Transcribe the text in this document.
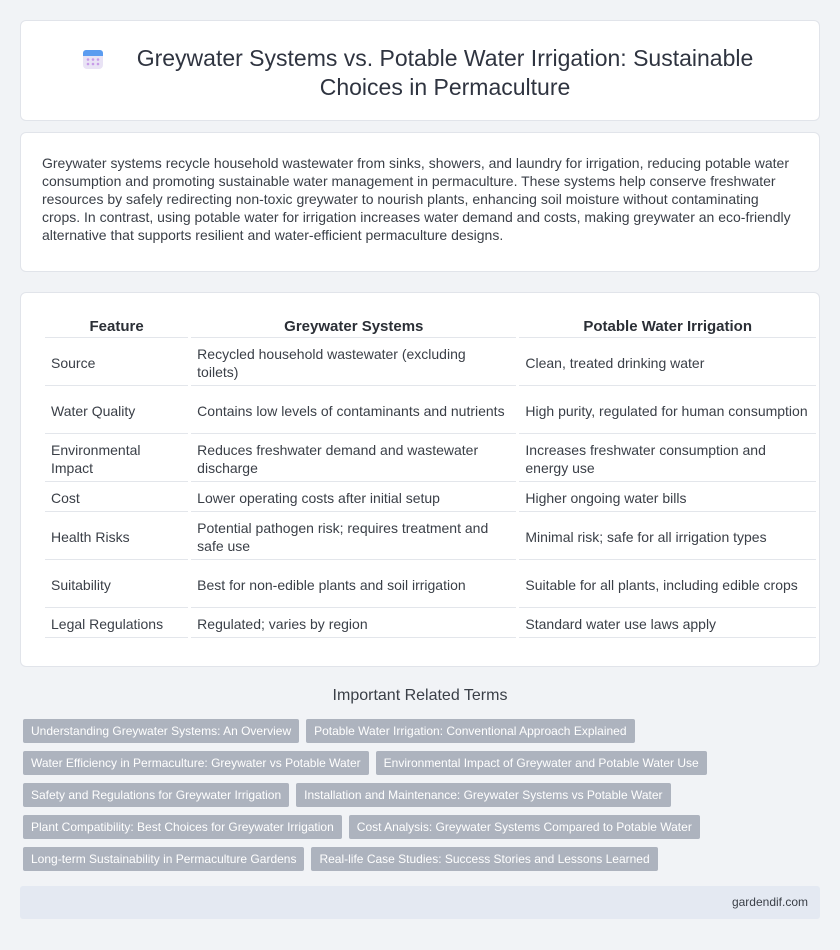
Greywater Systems vs. Potable Water Irrigation: Sustainable Choices in Permaculture

Greywater systems recycle household wastewater from sinks, showers, and laundry for irrigation, reducing potable water consumption and promoting sustainable water management in permaculture. These systems help conserve freshwater resources by safely redirecting non-toxic greywater to nourish plants, enhancing soil moisture without contaminating crops. In contrast, using potable water for irrigation increases water demand and costs, making greywater an eco-friendly alternative that supports resilient and water-efficient permaculture designs.

Feature	Greywater Systems	Potable Water Irrigation
Source	Recycled household wastewater (excluding toilets)	Clean, treated drinking water
Water Quality	Contains low levels of contaminants and nutrients	High purity, regulated for human consumption
Environmental Impact	Reduces freshwater demand and wastewater discharge	Increases freshwater consumption and energy use
Cost	Lower operating costs after initial setup	Higher ongoing water bills
Health Risks	Potential pathogen risk; requires treatment and safe use	Minimal risk; safe for all irrigation types
Suitability	Best for non-edible plants and soil irrigation	Suitable for all plants, including edible crops
Legal Regulations	Regulated; varies by region	Standard water use laws apply
Important Related Terms
Understanding Greywater Systems: An Overview	Potable Water Irrigation: Conventional Approach Explained
Water Efficiency in Permaculture: Greywater vs Potable Water	Environmental Impact of Greywater and Potable Water Use
Safety and Regulations for Greywater Irrigation	Installation and Maintenance: Greywater Systems vs Potable Water
Plant Compatibility: Best Choices for Greywater Irrigation	Cost Analysis: Greywater Systems Compared to Potable Water
Long-term Sustainability in Permaculture Gardens	Real-life Case Studies: Success Stories and Lessons Learned
gardendif.com
